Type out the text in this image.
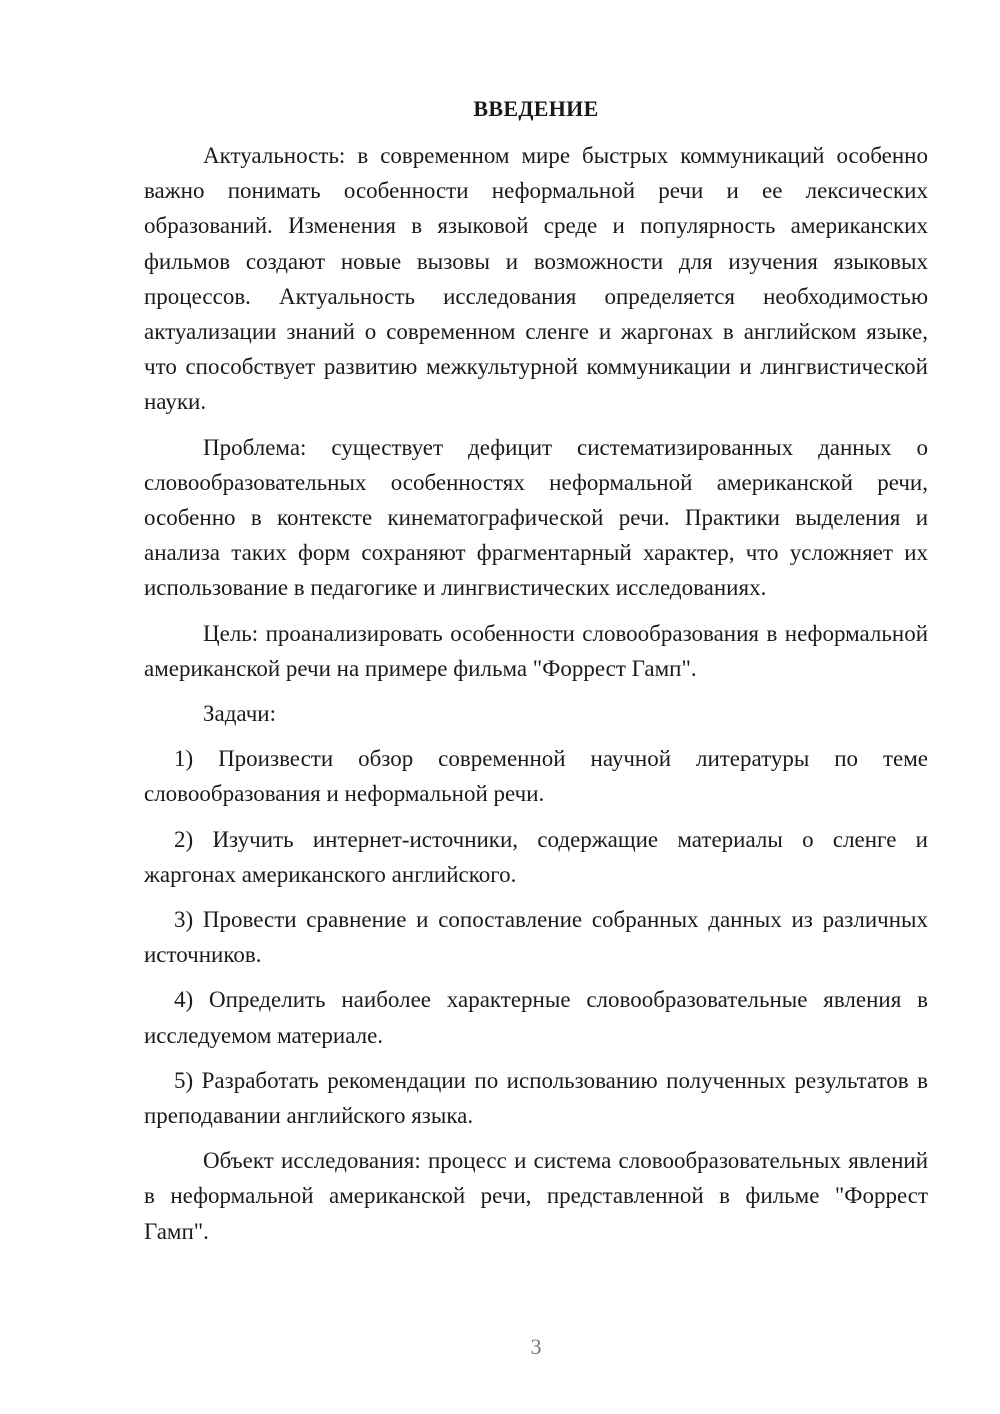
ВВЕДЕНИЕ

Актуальность: в современном мире быстрых коммуникаций особенно важно понимать особенности неформальной речи и ее лексических образований. Изменения в языковой среде и популярность американских фильмов создают новые вызовы и возможности для изучения языковых процессов. Актуальность исследования определяется необходимостью актуализации знаний о современном сленге и жаргонах в английском языке, что способствует развитию межкультурной коммуникации и лингвистической науки.

Проблема: существует дефицит систематизированных данных о словообразовательных особенностях неформальной американской речи, особенно в контексте кинематографической речи. Практики выделения и анализа таких форм сохраняют фрагментарный характер, что усложняет их использование в педагогике и лингвистических исследованиях.

Цель: проанализировать особенности словообразования в неформальной американской речи на примере фильма "Форрест Гамп".

Задачи:

1) Произвести обзор современной научной литературы по теме словообразования и неформальной речи.

2) Изучить интернет-источники, содержащие материалы о сленге и жаргонах американского английского.

3) Провести сравнение и сопоставление собранных данных из различных источников.

4) Определить наиболее характерные словообразовательные явления в исследуемом материале.

5) Разработать рекомендации по использованию полученных результатов в преподавании английского языка.

Объект исследования: процесс и система словообразовательных явлений в неформальной американской речи, представленной в фильме "Форрест Гамп".

3
